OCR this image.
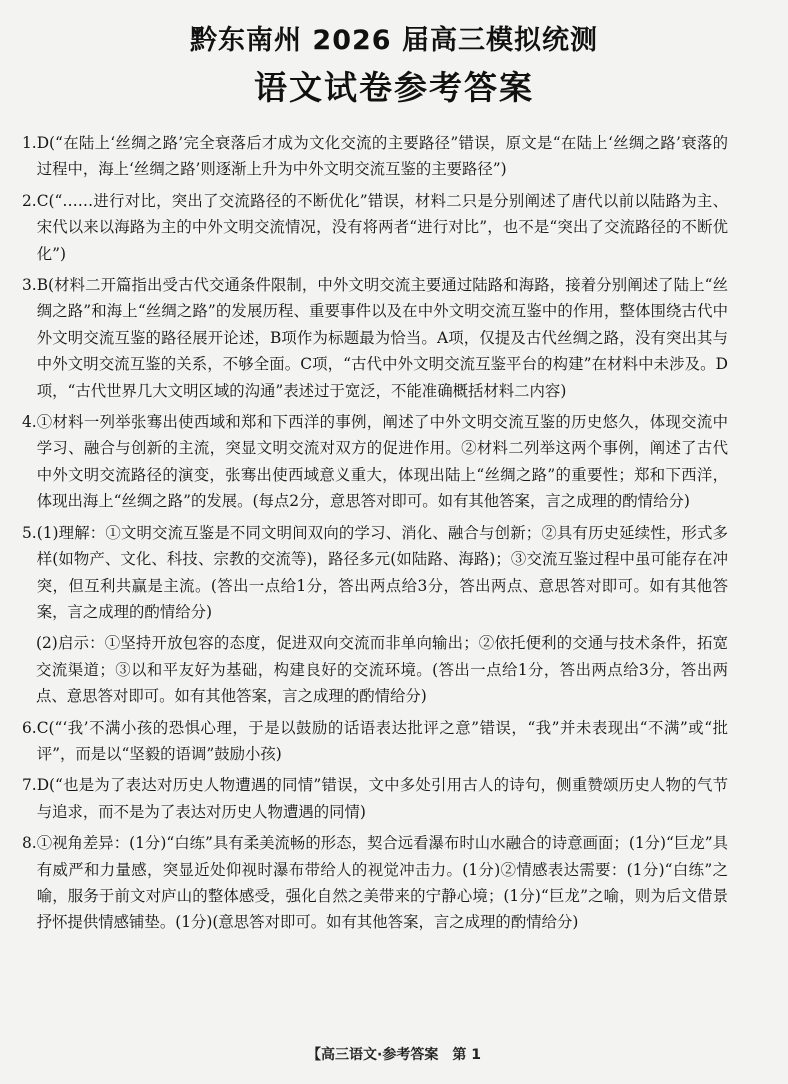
黔东南州 2026 届高三模拟统测
语文试卷参考答案
1. D(“在陆上‘丝绸之路’完全衰落后才成为文化交流的主要路径”错误，原文是“在陆上‘丝绸之路’衰落的过程中，海上‘丝绸之路’则逐渐上升为中外文明交流互鉴的主要路径”)
2. C(“……进行对比，突出了交流路径的不断优化”错误，材料二只是分别阐述了唐代以前以陆路为主、宋代以来以海路为主的中外文明交流情况，没有将两者“进行对比”，也不是“突出了交流路径的不断优化”)
3. B(材料二开篇指出受古代交通条件限制，中外文明交流主要通过陆路和海路，接着分别阐述了陆上“丝绸之路”和海上“丝绸之路”的发展历程、重要事件以及在中外文明交流互鉴中的作用，整体围绕古代中外文明交流互鉴的路径展开论述，B项作为标题最为恰当。A项，仅提及古代丝绸之路，没有突出其与中外文明交流互鉴的关系，不够全面。C项，“古代中外文明交流互鉴平台的构建”在材料中未涉及。D项，“古代世界几大文明区域的沟通”表述过于宽泛，不能准确概括材料二内容)
4. ①材料一列举张骞出使西域和郑和下西洋的事例，阐述了中外文明交流互鉴的历史悠久，体现交流中学习、融合与创新的主流，突显文明交流对双方的促进作用。②材料二列举这两个事例，阐述了古代中外文明交流路径的演变，张骞出使西域意义重大，体现出陆上“丝绸之路”的重要性；郑和下西洋，体现出海上“丝绸之路”的发展。(每点2分，意思答对即可。如有其他答案，言之成理的酌情给分)
5. (1)理解：①文明交流互鉴是不同文明间双向的学习、消化、融合与创新；②具有历史延续性，形式多样(如物产、文化、科技、宗教的交流等)，路径多元(如陆路、海路)；③交流互鉴过程中虽可能存在冲突，但互利共赢是主流。(答出一点给1分，答出两点给3分，答出两点、意思答对即可。如有其他答案，言之成理的酌情给分)
(2)启示：①坚持开放包容的态度，促进双向交流而非单向输出；②依托便利的交通与技术条件，拓宽交流渠道；③以和平友好为基础，构建良好的交流环境。(答出一点给1分，答出两点给3分，答出两点、意思答对即可。如有其他答案，言之成理的酌情给分)
6. C(“‘我’不满小孩的恐惧心理，于是以鼓励的话语表达批评之意”错误，“我”并未表现出“不满”或“批评”，而是以“坚毅的语调”鼓励小孩)
7. D(“也是为了表达对历史人物遭遇的同情”错误，文中多处引用古人的诗句，侧重赞颂历史人物的气节与追求，而不是为了表达对历史人物遭遇的同情)
8. ①视角差异：(1分)“白练”具有柔美流畅的形态，契合远看瀑布时山水融合的诗意画面；(1分)“巨龙”具有威严和力量感，突显近处仰视时瀑布带给人的视觉冲击力。(1分)②情感表达需要：(1分)“白练”之喻，服务于前文对庐山的整体感受，强化自然之美带来的宁静心境；(1分)“巨龙”之喻，则为后文借景抒怀提供情感铺垫。(1分)(意思答对即可。如有其他答案，言之成理的酌情给分)
【高三语文·参考答案　第 1
